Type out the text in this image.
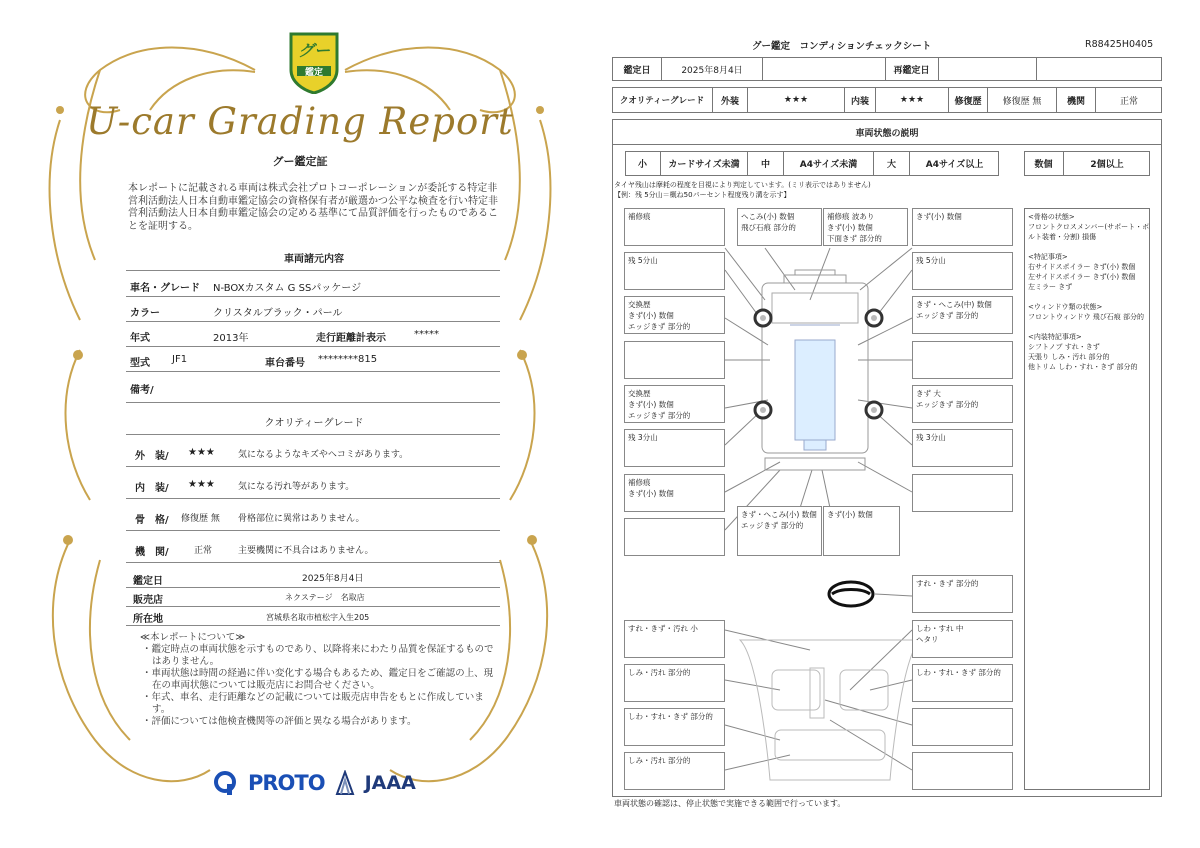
グー
鑑定
U-car Grading Report
グー鑑定証
本レポートに記載される車両は株式会社プロトコーポレーションが委託する特定非営利活動法人日本自動車鑑定協会の資格保有者が厳選かつ公平な検査を行い特定非営利活動法人日本自動車鑑定協会の定める基準にて品質評価を行ったものであることを証明する。
車両諸元内容
車名・グレード N-BOXカスタム G SSパッケージ
カラー	クリスタルブラック・パール
年式	2013年	走行距離計表示	*****
型式 JF1	車台番号 ********815
備考/
クオリティーグレード
外　装/ ★★★	気になるようなキズやヘコミがあります。
内　装/ ★★★	気になる汚れ等があります。
骨　格/ 修復歴 無 骨格部位に異常はありません。
機　関/	正常	主要機関に不具合はありません。
鑑定日	2025年8月4日
販売店	ネクステージ　名取店
所在地	宮城県名取市植松字入生205
≪本レポートについて≫
・鑑定時点の車両状態を示すものであり、以降将来にわたり品質を保証するものではありません。
・車両状態は時間の経過に伴い変化する場合もあるため、鑑定日をご確認の上、現在の車両状態については販売店にお問合せください。
・年式、車名、走行距離などの記載については販売店申告をもとに作成しています。
・評価については他検査機関等の評価と異なる場合があります。
PROTO JAAA
グー鑑定　コンディションチェックシート	R88425H0405
鑑定日	2025年8月4日	再鑑定日
クオリティーグレード	外装	★★★	内装	★★★	修復歴	修復歴 無	機関	正常
車両状態の説明
小	カードサイズ未満	中	A4サイズ未満	大	A4サイズ以上	数個	2個以上
タイヤ残山は摩耗の程度を目視により判定しています。(ミリ表示ではありません)
【例：残 5分山＝概ね50パーセント程度残り溝を示す】
補修痕	へこみ(小) 数個
飛び石痕 部分的
補修痕 波あり
きず(小) 数個
下面きず 部分的
きず(小) 数個
残 5分山	残 5分山
交換歴
きず(小) 数個
エッジきず 部分的
きず・へこみ(中) 数個
エッジきず 部分的
交換歴
きず(小) 数個
エッジきず 部分的
きず 大
エッジきず 部分的
残 3分山	残 3分山
補修痕
きず(小) 数個
きず・へこみ(小) 数個
エッジきず 部分的
きず(小) 数個
すれ・きず 部分的
すれ・きず・汚れ 小	しわ・すれ 中
ヘタリ
しみ・汚れ 部分的	しわ・すれ・きず 部分的
しわ・すれ・きず 部分的
しみ・汚れ 部分的
<骨格の状態>
フロントクロスメンバー(サポート・ボ
ルト装着・分割) 損傷

<特記事項>
右サイドスポイラー きず(小) 数個
左サイドスポイラー きず(小) 数個
左ミラー きず

<ウィンドウ類の状態>
フロントウィンドウ 飛び石痕 部分的

<内装特記事項>
シフトノブ すれ・きず
天張り しみ・汚れ 部分的
他トリム しわ・すれ・きず 部分的
車両状態の確認は、停止状態で実施できる範囲で行っています。
